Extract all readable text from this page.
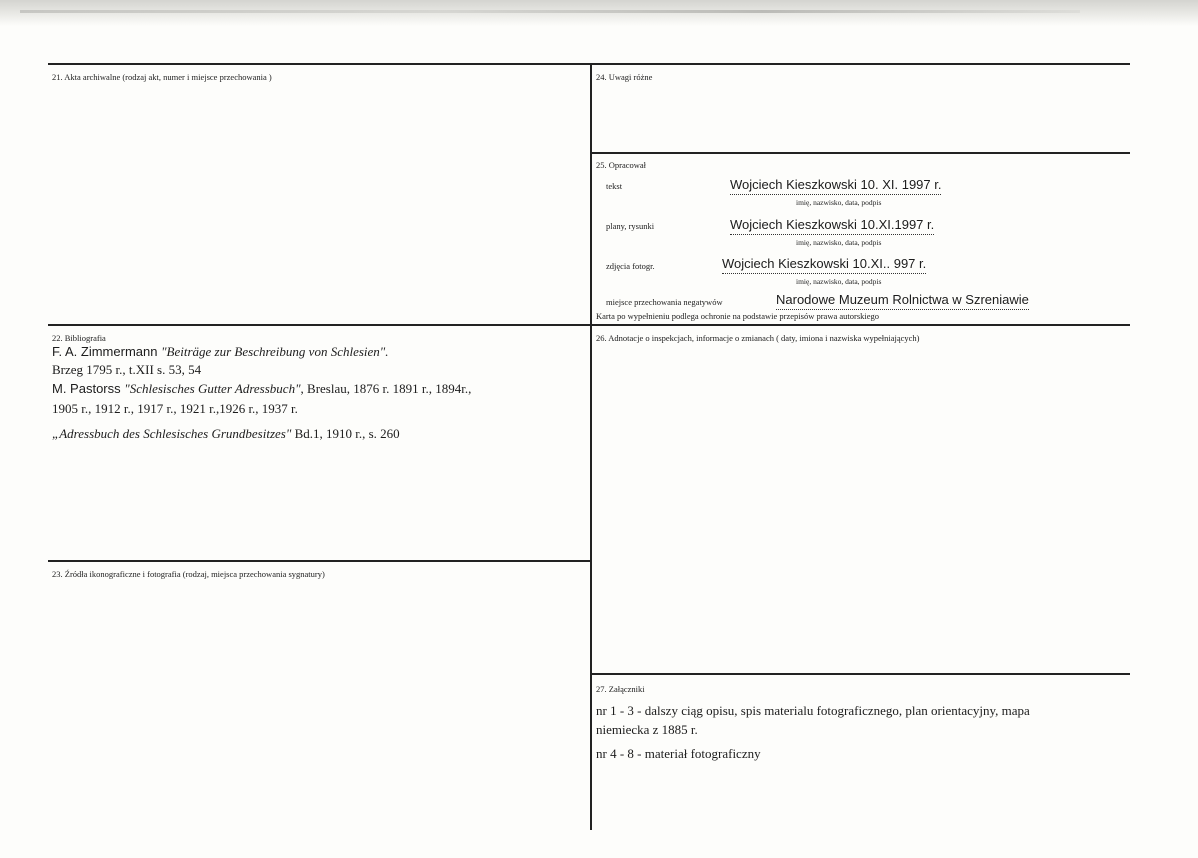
21. Akta archiwalne (rodzaj akt, numer i miejsce przechowania )
22. Bibliografia
F. A. Zimmermann "Beiträge zur Beschreibung von Schlesien".
Brzeg 1795 r., t.XII s. 53, 54
M. Pastorss "Schlesisches Gutter Adressbuch", Breslau, 1876 r. 1891 r., 1894r.,
1905 r., 1912 r., 1917 r., 1921 r.,1926 r., 1937 r.
„Adressbuch des Schlesisches Grundbesitzes" Bd.1, 1910 r., s. 260
23. Źródła ikonograficzne i fotografia (rodzaj, miejsca przechowania sygnatury)
24. Uwagi różne
25. Opracował
tekst	Wojciech Kieszkowski 10. XI. 1997 r.
imię, nazwisko, data, podpis
plany, rysunki	Wojciech Kieszkowski 10.XI.1997 r.
imię, nazwisko, data, podpis
zdjęcia fotogr.	Wojciech Kieszkowski 10.XI.. 997 r.
imię, nazwisko, data, podpis
miejsce przechowania negatywów	Narodowe Muzeum Rolnictwa w Szreniawie
Karta po wypełnieniu podlega ochronie na podstawie przepisów prawa autorskiego
26. Adnotacje o inspekcjach, informacje o zmianach ( daty, imiona i nazwiska wypełniających)
27. Załączniki
nr 1 - 3 - dalszy ciąg opisu, spis materialu fotograficznego, plan orientacyjny, mapa
niemiecka z 1885 r.
nr 4 - 8 - materiał fotograficzny
